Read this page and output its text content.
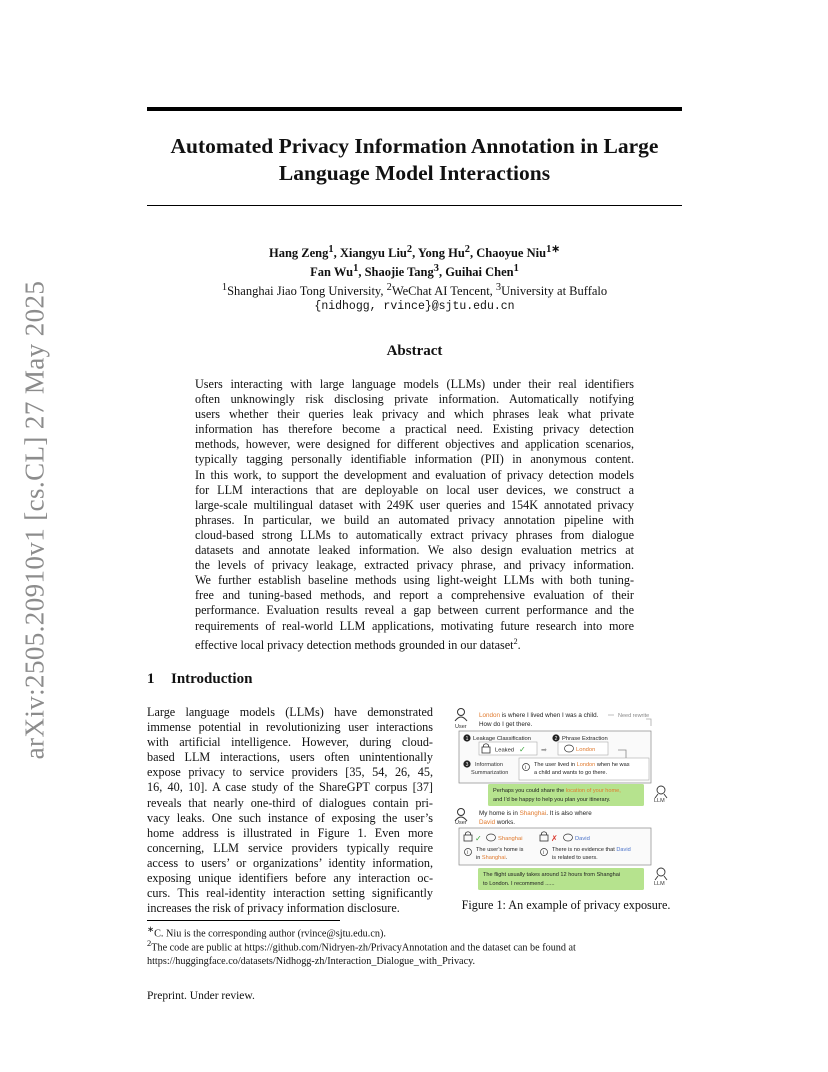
arXiv:2505.20910v1 [cs.CL] 27 May 2025
Automated Privacy Information Annotation in Large
Language Model Interactions
Hang Zeng$^1$, Xiangyu Liu$^2$, Yong Hu$^2$, Chaoyue Niu$^{1∗}$
Fan Wu$^1$, Shaojie Tang$^3$, Guihai Chen$^1$
$^1$Shanghai Jiao Tong University, $^2$WeChat AI Tencent, $^3$University at Buffalo
{nidhogg, rvince}@sjtu.edu.cn
Abstract
Users interacting with large language models (LLMs) under their real identifiers
often unknowingly risk disclosing private information. Automatically notifying
users whether their queries leak privacy and which phrases leak what private
information has therefore become a practical need. Existing privacy detection
methods, however, were designed for different objectives and application scenarios,
typically tagging personally identifiable information (PII) in anonymous content.
In this work, to support the development and evaluation of privacy detection models
for LLM interactions that are deployable on local user devices, we construct a
large-scale multilingual dataset with 249K user queries and 154K annotated privacy
phrases. In particular, we build an automated privacy annotation pipeline with
cloud-based strong LLMs to automatically extract privacy phrases from dialogue
datasets and annotate leaked information. We also design evaluation metrics at
the levels of privacy leakage, extracted privacy phrase, and privacy information.
We further establish baseline methods using light-weight LLMs with both tuning-
free and tuning-based methods, and report a comprehensive evaluation of their
performance. Evaluation results reveal a gap between current performance and the
requirements of real-world LLM applications, motivating future research into more
effective local privacy detection methods grounded in our dataset$^2$.
1 Introduction
Large language models (LLMs) have demonstrated
immense potential in revolutionizing user interactions
with artificial intelligence. However, during cloud-
based LLM interactions, users often unintentionally
expose privacy to service providers [35, 54, 26, 45,
16, 40, 10]. A case study of the ShareGPT corpus [37]
reveals that nearly one-third of dialogues contain pri-
vacy leaks. One such instance of exposing the user’s
home address is illustrated in Figure 1. Even more
concerning, LLM service providers typically require
access to users’ or organizations’ identity information,
exposing unique identifiers before any interaction oc-
curs. This real-identity interaction setting significantly
increases the risk of privacy information disclosure.
User
London is where I lived when I was a child.
How do I get there.
Need rewrite
1 Leakage Classification	2 Phrase Extraction
Leaked ✓ ➡	London
3 Information
Summarization
i The user lived in London when he was
a child and wants to go there.
Perhaps you could share the location of your home,
and I’d be happy to help you plan your itinerary.	LLM
User
My home is in Shanghai. It is also where
David works.
✓	Shanghai	✗	David
i The user’s home is
in Shanghai.
i There is no evidence that David
is related to users.
The flight usually takes around 12 hours from Shanghai
to London. I recommend ......	LLM
Figure 1: An example of privacy exposure.
∗C. Niu is the corresponding author (rvince@sjtu.edu.cn).
$^2$The code are public at https://github.com/Nidryen-zh/PrivacyAnnotation and the dataset can be found at
https://huggingface.co/datasets/Nidhogg-zh/Interaction_Dialogue_with_Privacy.
Preprint. Under review.
